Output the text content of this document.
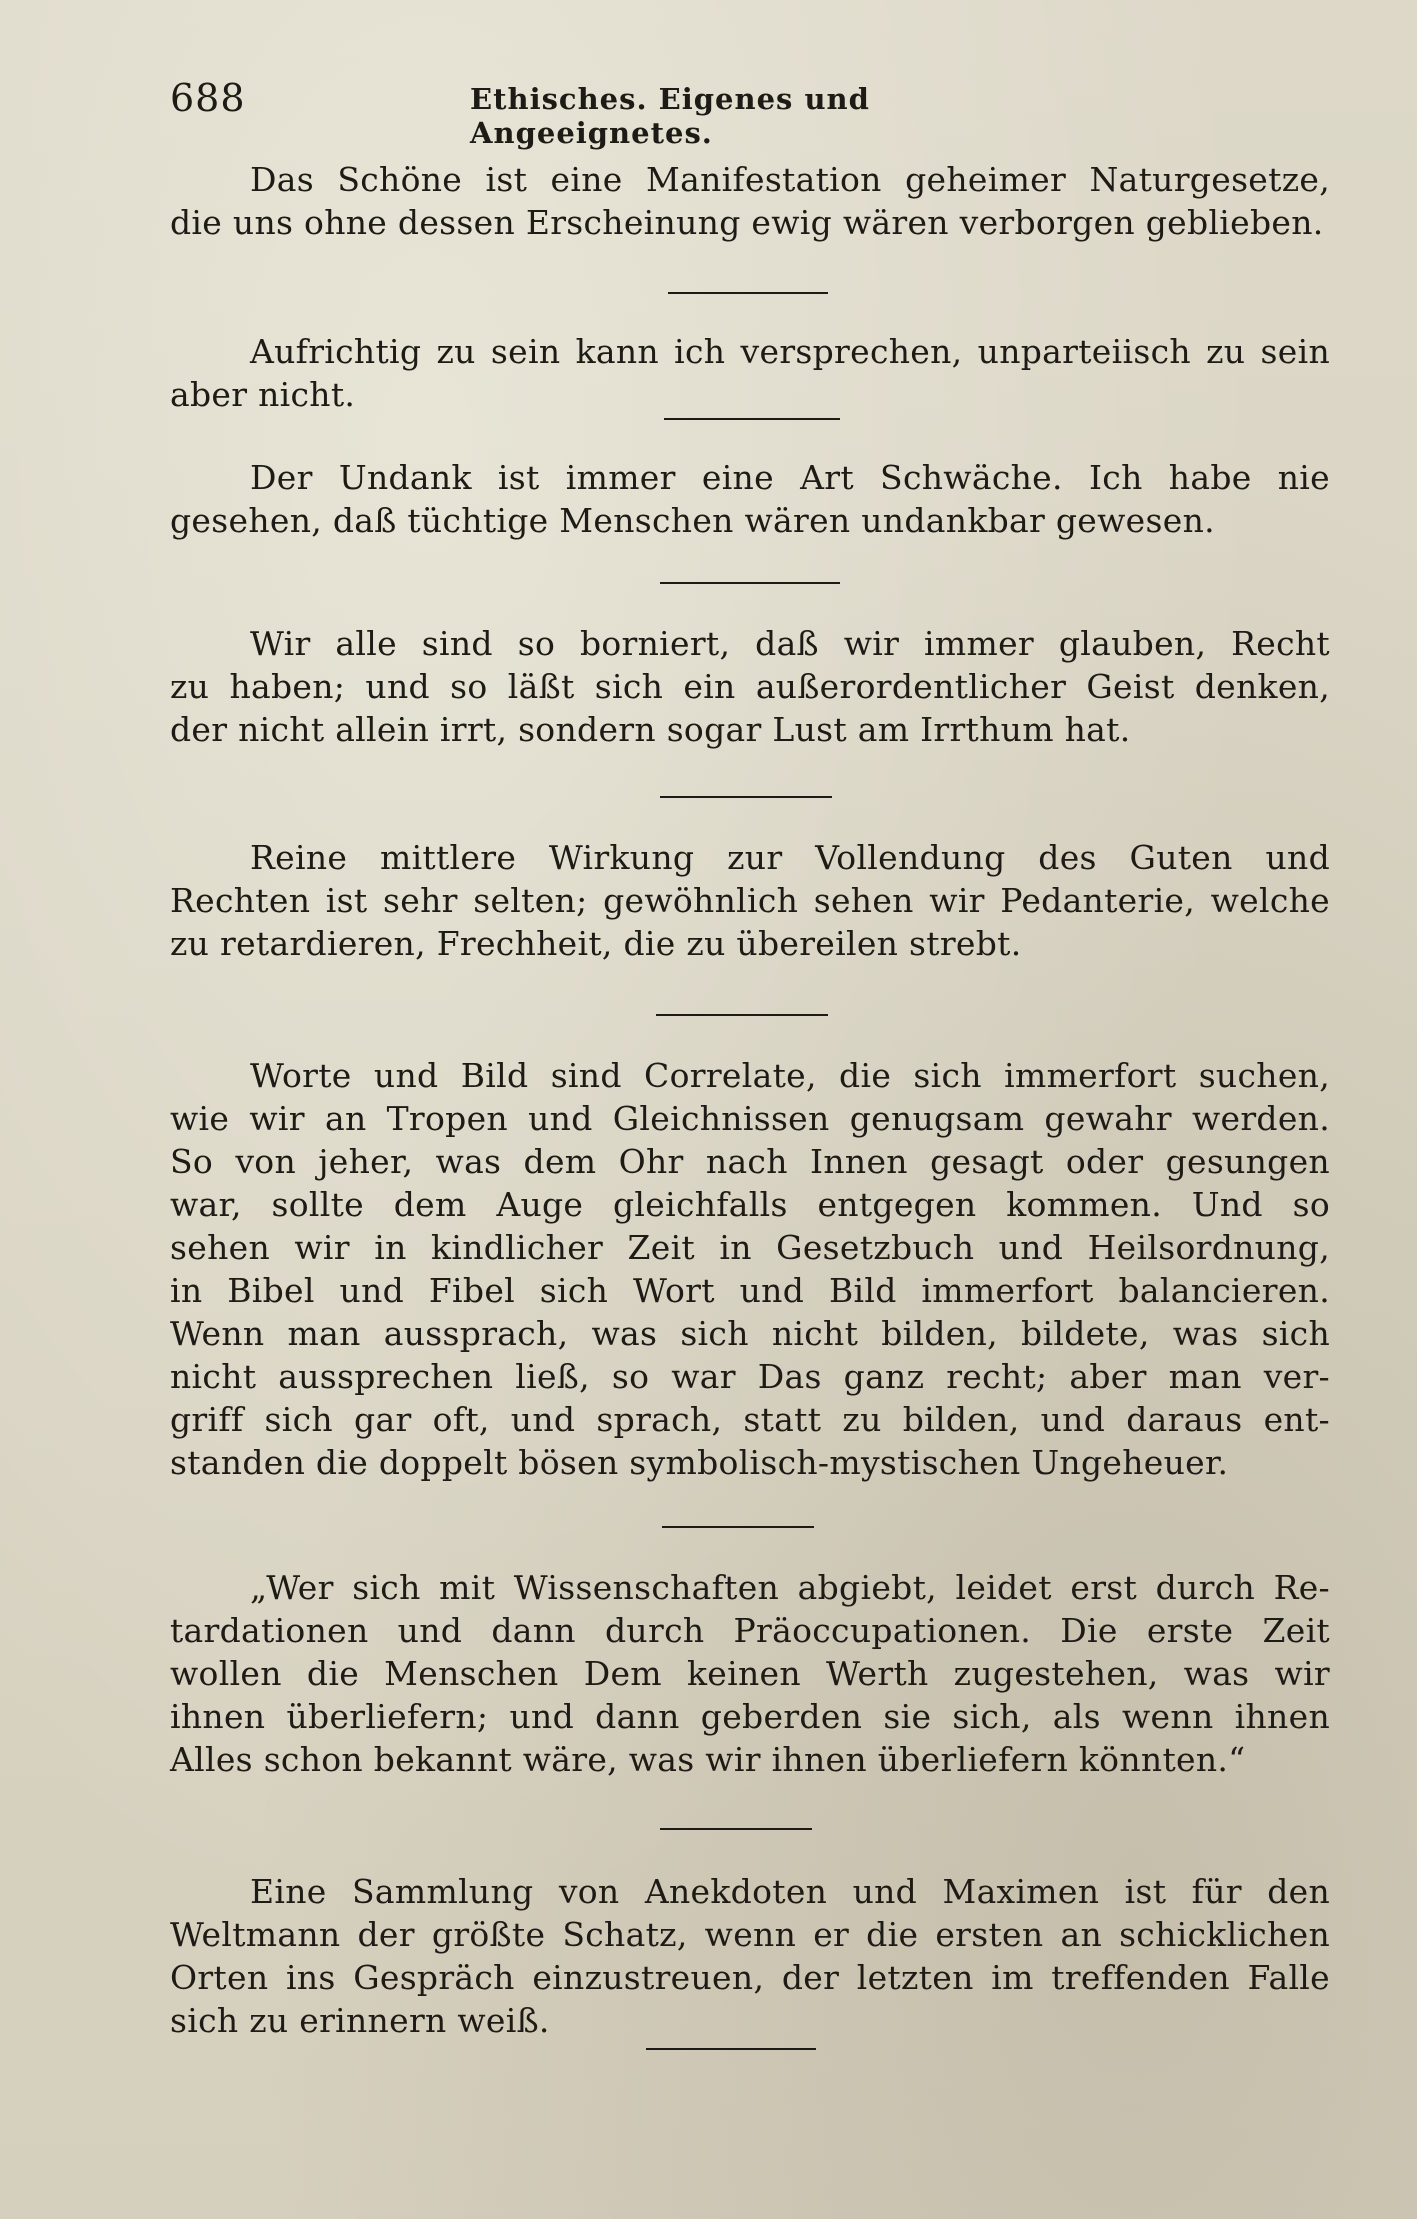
688	Ethisches. Eigenes und Angeeignetes.

Das Schöne ist eine Manifestation geheimer Naturgesetze,
die uns ohne dessen Erscheinung ewig wären verborgen geblieben.

Aufrichtig zu sein kann ich versprechen, unparteiisch zu sein
aber nicht.

Der Undank ist immer eine Art Schwäche. Ich habe nie
gesehen, daß tüchtige Menschen wären undankbar gewesen.

Wir alle sind so borniert, daß wir immer glauben, Recht
zu haben; und so läßt sich ein außerordentlicher Geist denken,
der nicht allein irrt, sondern sogar Lust am Irrthum hat.

Reine mittlere Wirkung zur Vollendung des Guten und
Rechten ist sehr selten; gewöhnlich sehen wir Pedanterie, welche
zu retardieren, Frechheit, die zu übereilen strebt.

Worte und Bild sind Correlate, die sich immerfort suchen,
wie wir an Tropen und Gleichnissen genugsam gewahr werden.
So von jeher, was dem Ohr nach Innen gesagt oder gesungen
war, sollte dem Auge gleichfalls entgegen kommen. Und so
sehen wir in kindlicher Zeit in Gesetzbuch und Heilsordnung,
in Bibel und Fibel sich Wort und Bild immerfort balancieren.
Wenn man aussprach, was sich nicht bilden, bildete, was sich
nicht aussprechen ließ, so war Das ganz recht; aber man ver-
griff sich gar oft, und sprach, statt zu bilden, und daraus ent-
standen die doppelt bösen symbolisch-mystischen Ungeheuer.

„Wer sich mit Wissenschaften abgiebt, leidet erst durch Re-
tardationen und dann durch Präoccupationen. Die erste Zeit
wollen die Menschen Dem keinen Werth zugestehen, was wir
ihnen überliefern; und dann geberden sie sich, als wenn ihnen
Alles schon bekannt wäre, was wir ihnen überliefern könnten.“

Eine Sammlung von Anekdoten und Maximen ist für den
Weltmann der größte Schatz, wenn er die ersten an schicklichen
Orten ins Gespräch einzustreuen, der letzten im treffenden Falle
sich zu erinnern weiß.
